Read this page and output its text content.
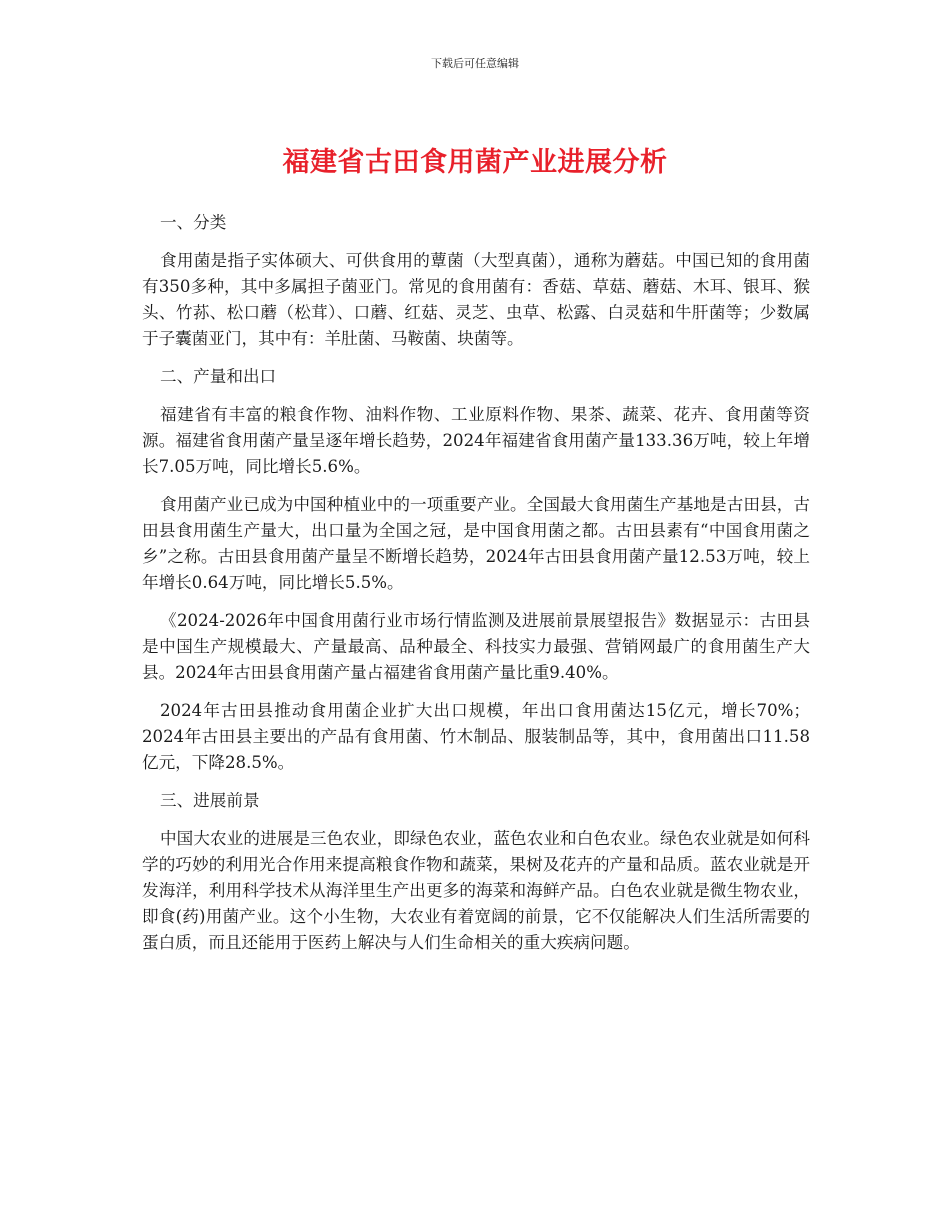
下载后可任意编辑
福建省古田食用菌产业进展分析
一、分类
食用菌是指子实体硕大、可供食用的蕈菌（大型真菌），通称为蘑菇。中国已知的食用菌有350多种，其中多属担子菌亚门。常见的食用菌有：香菇、草菇、蘑菇、木耳、银耳、猴头、竹荪、松口蘑（松茸）、口蘑、红菇、灵芝、虫草、松露、白灵菇和牛肝菌等；少数属于子囊菌亚门，其中有：羊肚菌、马鞍菌、块菌等。
二、产量和出口
福建省有丰富的粮食作物、油料作物、工业原料作物、果茶、蔬菜、花卉、食用菌等资源。福建省食用菌产量呈逐年增长趋势，2024年福建省食用菌产量133.36万吨，较上年增长7.05万吨，同比增长5.6%。
食用菌产业已成为中国种植业中的一项重要产业。全国最大食用菌生产基地是古田县，古田县食用菌生产量大，出口量为全国之冠，是中国食用菌之都。古田县素有“中国食用菌之乡”之称。古田县食用菌产量呈不断增长趋势，2024年古田县食用菌产量12.53万吨，较上年增长0.64万吨，同比增长5.5%。
《2024-2026年中国食用菌行业市场行情监测及进展前景展望报告》数据显示：古田县是中国生产规模最大、产量最高、品种最全、科技实力最强、营销网最广的食用菌生产大县。2024年古田县食用菌产量占福建省食用菌产量比重9.40%。
2024年古田县推动食用菌企业扩大出口规模，年出口食用菌达15亿元，增长70%；2024年古田县主要出的产品有食用菌、竹木制品、服装制品等，其中，食用菌出口11.58亿元，下降28.5%。
三、进展前景
中国大农业的进展是三色农业，即绿色农业，蓝色农业和白色农业。绿色农业就是如何科学的巧妙的利用光合作用来提高粮食作物和蔬菜，果树及花卉的产量和品质。蓝农业就是开发海洋，利用科学技术从海洋里生产出更多的海菜和海鲜产品。白色农业就是微生物农业，即食(药)用菌产业。这个小生物，大农业有着宽阔的前景，它不仅能解决人们生活所需要的蛋白质，而且还能用于医药上解决与人们生命相关的重大疾病问题。
